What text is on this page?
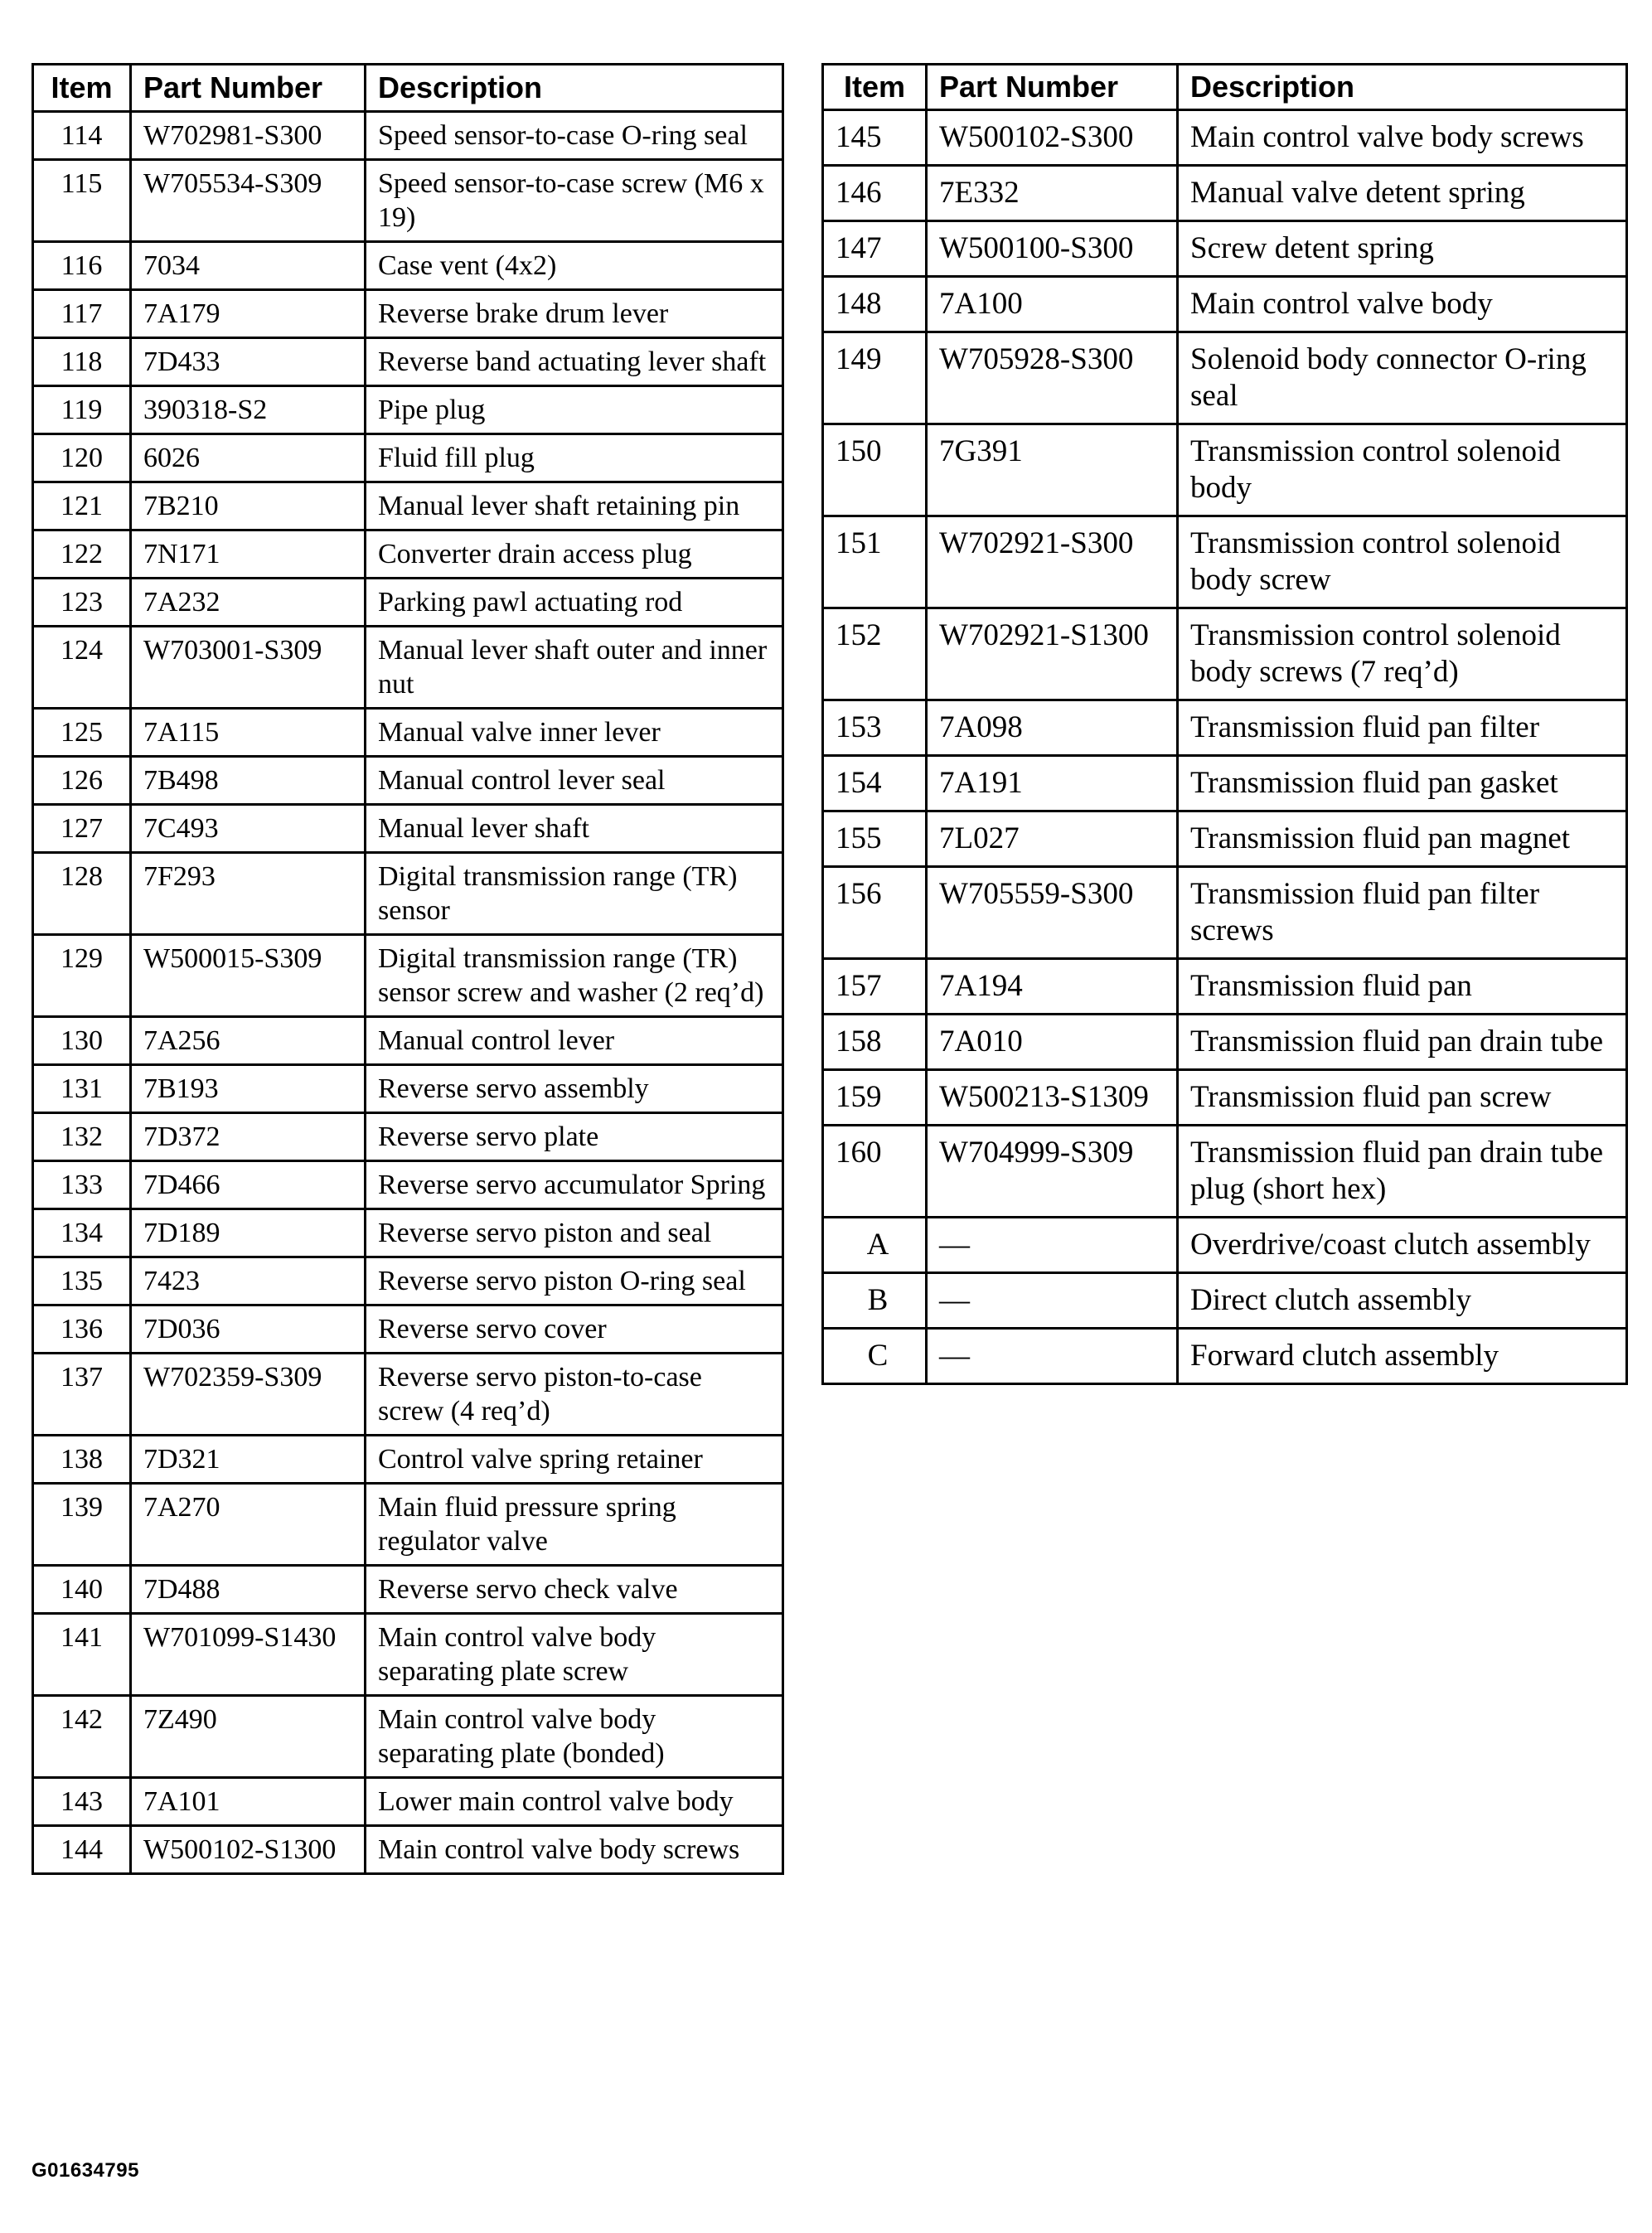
Item	Part Number	Description
114	W702981-S300	Speed sensor-to-case O-ring seal
115	W705534-S309	Speed sensor-to-case screw (M6 x 19)
116	7034	Case vent (4x2)
117	7A179	Reverse brake drum lever
118	7D433	Reverse band actuating lever shaft
119	390318-S2	Pipe plug
120	6026	Fluid fill plug
121	7B210	Manual lever shaft retaining pin
122	7N171	Converter drain access plug
123	7A232	Parking pawl actuating rod
124	W703001-S309	Manual lever shaft outer and inner nut
125	7A115	Manual valve inner lever
126	7B498	Manual control lever seal
127	7C493	Manual lever shaft
128	7F293	Digital transmission range (TR) sensor
129	W500015-S309	Digital transmission range (TR) sensor screw and washer (2 req’d)
130	7A256	Manual control lever
131	7B193	Reverse servo assembly
132	7D372	Reverse servo plate
133	7D466	Reverse servo accumulator Spring
134	7D189	Reverse servo piston and seal
135	7423	Reverse servo piston O-ring seal
136	7D036	Reverse servo cover
137	W702359-S309	Reverse servo piston-to-case screw (4 req’d)
138	7D321	Control valve spring retainer
139	7A270	Main fluid pressure spring regulator valve
140	7D488	Reverse servo check valve
141	W701099-S1430	Main control valve body separating plate screw
142	7Z490	Main control valve body separating plate (bonded)
143	7A101	Lower main control valve body
144	W500102-S1300	Main control valve body screws
Item	Part Number	Description
145	W500102-S300	Main control valve body screws
146	7E332	Manual valve detent spring
147	W500100-S300	Screw detent spring
148	7A100	Main control valve body
149	W705928-S300	Solenoid body connector O-ring seal
150	7G391	Transmission control solenoid body
151	W702921-S300	Transmission control solenoid body screw
152	W702921-S1300	Transmission control solenoid body screws (7 req’d)
153	7A098	Transmission fluid pan filter
154	7A191	Transmission fluid pan gasket
155	7L027	Transmission fluid pan magnet
156	W705559-S300	Transmission fluid pan filter screws
157	7A194	Transmission fluid pan
158	7A010	Transmission fluid pan drain tube
159	W500213-S1309	Transmission fluid pan screw
160	W704999-S309	Transmission fluid pan drain tube plug (short hex)
A	—	Overdrive/coast clutch assembly
B	—	Direct clutch assembly
C	—	Forward clutch assembly
G01634795
